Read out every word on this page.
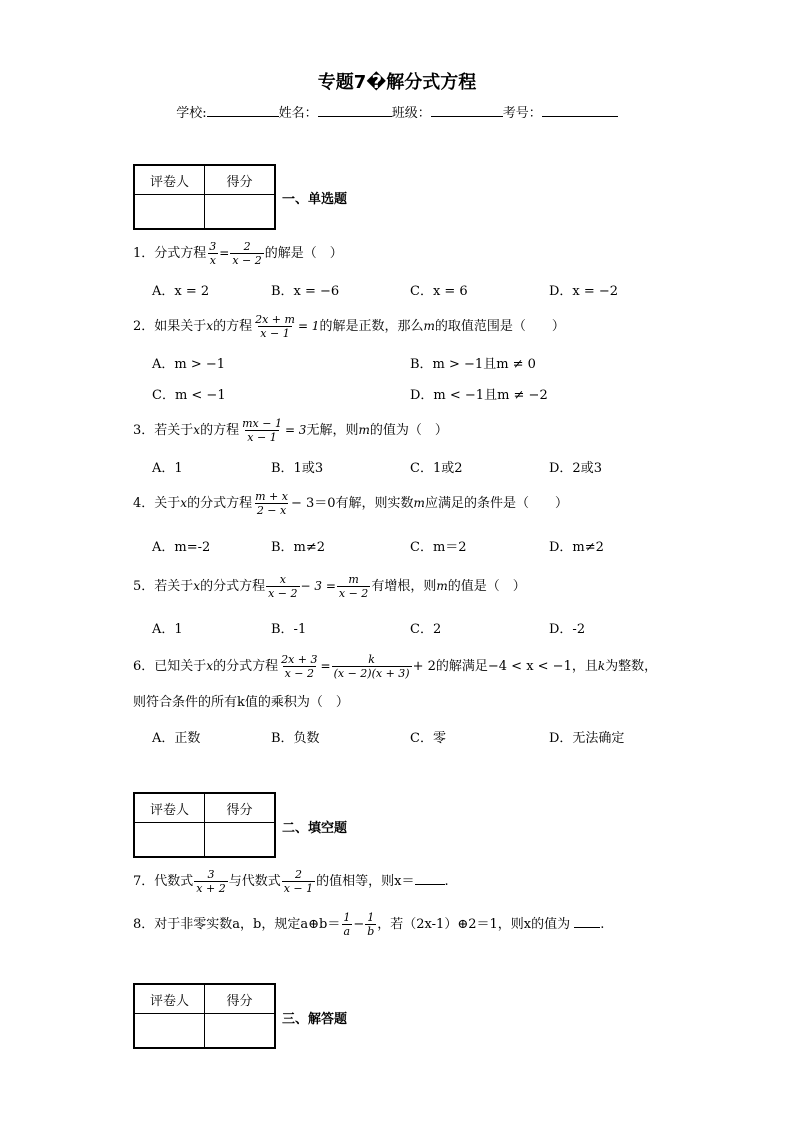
专题7�解分式方程
学校:	姓名：	班级：	考号：
评卷人	得分

一、单选题
1．分式方程 $\frac{3}{x} = \frac{2}{x - 2}$ 的解是（　）
A．x = 2	B．x = −6	C．x = 6	D．x = −2
2．如果关于x的方程 $\frac{2x + m}{x - 1} = 1$的解是正数，那么m的取值范围是（　　）
A．m > −1	B．m > −1且m ≠ 0
C．m < −1	D．m < −1且m ≠ −2
3．若关于x的方程 $\frac{mx - 1}{x - 1} = 3$无解，则m的值为（　）
A．1	B．1或3	C．1或2	D．2或3
4．关于x的分式方程 $\frac{m + x}{2 - x} - 3=0$有解，则实数m应满足的条件是（　　）
A．m=-2	B．m≠2	C．m＝2	D．m≠2
5．若关于x的分式方程 $\frac{x}{x - 2} - 3 = \frac{m}{x - 2}$ 有增根，则m的值是（　）
A．1	B．-1	C．2	D．-2
6．已知关于x的分式方程 $\frac{2x + 3}{x - 2} = \frac{k}{(x - 2)(x + 3)} + 2$的解满足−4 < x < −1，且k为整数，
则符合条件的所有k值的乘积为（　）
A．正数	B．负数	C．零	D．无法确定
评卷人	得分

二、填空题
7．代数式 $\frac{3}{x + 2}$ 与代数式 $\frac{2}{x - 1}$ 的值相等，则x＝ .
8．对于非零实数a，b，规定a⊕b＝ $\frac{1}{a} - \frac{1}{b}$ ，若（2x-1）⊕2＝1，则x的值为 .
评卷人	得分

三、解答题
